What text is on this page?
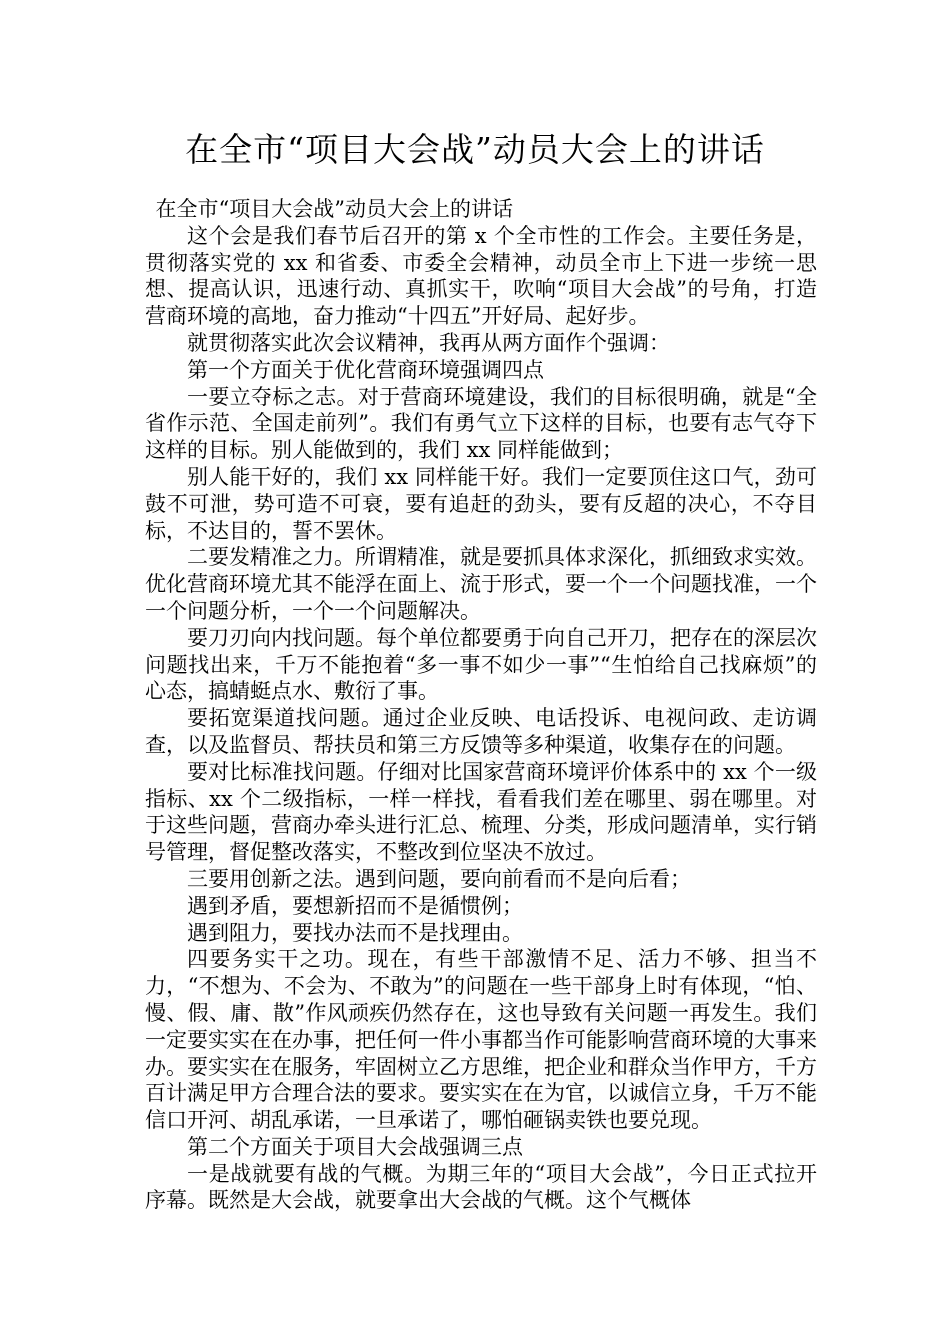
在全市“项目大会战”动员大会上的讲话

在全市“项目大会战”动员大会上的讲话

这个会是我们春节后召开的第 x 个全市性的工作会。主要任务是，贯彻落实党的 xx 和省委、市委全会精神，动员全市上下进一步统一思想、提高认识，迅速行动、真抓实干，吹响“项目大会战”的号角，打造营商环境的高地，奋力推动“十四五”开好局、起好步。

就贯彻落实此次会议精神，我再从两方面作个强调：

第一个方面关于优化营商环境强调四点

一要立夺标之志。对于营商环境建设，我们的目标很明确，就是“全省作示范、全国走前列”。我们有勇气立下这样的目标，也要有志气夺下这样的目标。别人能做到的，我们 xx 同样能做到；

别人能干好的，我们 xx 同样能干好。我们一定要顶住这口气，劲可鼓不可泄，势可造不可衰，要有追赶的劲头，要有反超的决心，不夺目标，不达目的，誓不罢休。

二要发精准之力。所谓精准，就是要抓具体求深化，抓细致求实效。优化营商环境尤其不能浮在面上、流于形式，要一个一个问题找准，一个一个问题分析，一个一个问题解决。

要刀刃向内找问题。每个单位都要勇于向自己开刀，把存在的深层次问题找出来，千万不能抱着“多一事不如少一事”“生怕给自己找麻烦”的心态，搞蜻蜓点水、敷衍了事。

要拓宽渠道找问题。通过企业反映、电话投诉、电视问政、走访调查，以及监督员、帮扶员和第三方反馈等多种渠道，收集存在的问题。

要对比标准找问题。仔细对比国家营商环境评价体系中的 xx 个一级指标、xx 个二级指标，一样一样找，看看我们差在哪里、弱在哪里。对于这些问题，营商办牵头进行汇总、梳理、分类，形成问题清单，实行销号管理，督促整改落实，不整改到位坚决不放过。

三要用创新之法。遇到问题，要向前看而不是向后看；

遇到矛盾，要想新招而不是循惯例；

遇到阻力，要找办法而不是找理由。

四要务实干之功。现在，有些干部激情不足、活力不够、担当不力，“不想为、不会为、不敢为”的问题在一些干部身上时有体现，“怕、慢、假、庸、散”作风顽疾仍然存在，这也导致有关问题一再发生。我们一定要实实在在办事，把任何一件小事都当作可能影响营商环境的大事来办。要实实在在服务，牢固树立乙方思维，把企业和群众当作甲方，千方百计满足甲方合理合法的要求。要实实在在为官，以诚信立身，千万不能信口开河、胡乱承诺，一旦承诺了，哪怕砸锅卖铁也要兑现。

第二个方面关于项目大会战强调三点

一是战就要有战的气概。为期三年的“项目大会战”，今日正式拉开序幕。既然是大会战，就要拿出大会战的气概。这个气概体
